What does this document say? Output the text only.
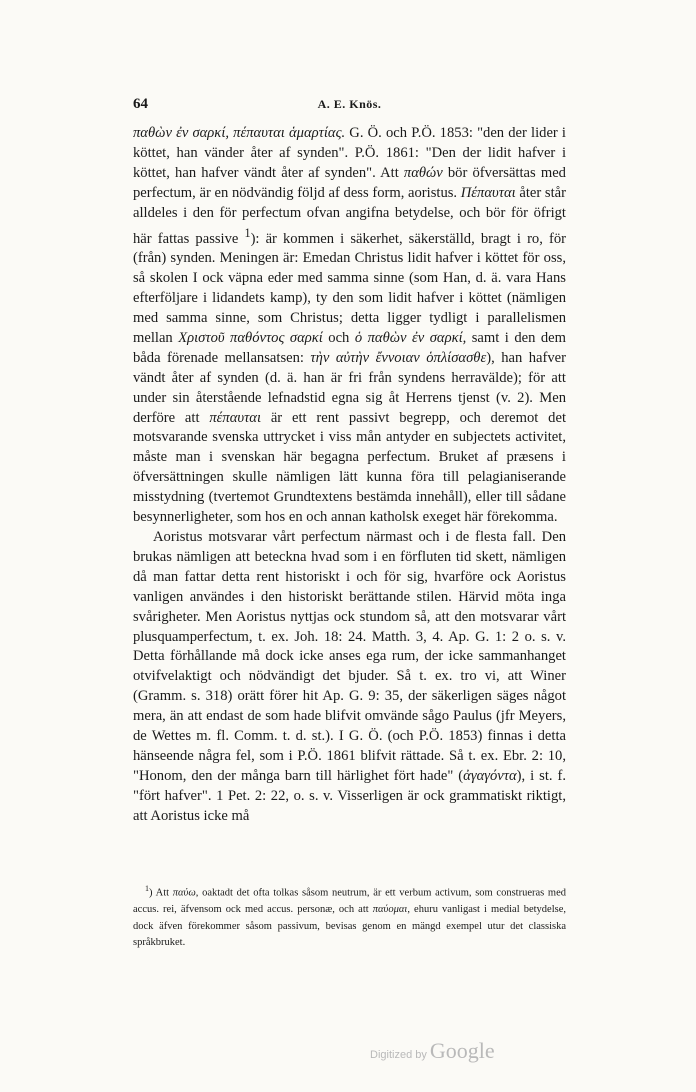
64	A. E. Knös.

παθὼν ἐν σαρκί, πέπαυται ἁμαρτίας. G. Ö. och P.Ö. 1853: "den der lider i köttet, han vänder åter af synden". P.Ö. 1861: "Den der lidit hafver i köttet, han hafver vändt åter af synden". Att παθών bör öfversättas med perfectum, är en nödvändig följd af dess form, aoristus. Πέπαυται åter står alldeles i den för perfectum ofvan angifna betydelse, och bör för öfrigt här fattas passive $^1$): är kommen i säkerhet, säkerställd, bragt i ro, för (från) synden. Meningen är: Emedan Christus lidit hafver i köttet för oss, så skolen I ock väpna eder med samma sinne (som Han, d. ä. vara Hans efterföljare i lidandets kamp), ty den som lidit hafver i köttet (nämligen med samma sinne, som Christus; detta ligger tydligt i parallelismen mellan Χριστοῦ παθόντος σαρκί och ὁ παθὼν ἐν σαρκί, samt i den dem båda förenade mellansatsen: τὴν αὐτὴν ἔννοιαν ὁπλίσασθε), han hafver vändt åter af synden (d. ä. han är fri från syndens herravälde); för att under sin återstående lefnadstid egna sig åt Herrens tjenst (v. 2). Men derföre att πέπαυται är ett rent passivt begrepp, och deremot det motsvarande svenska uttrycket i viss mån antyder en subjectets activitet, måste man i svenskan här begagna perfectum. Bruket af præsens i öfversättningen skulle nämligen lätt kunna föra till pelagianiserande misstydning (tvertemot Grundtextens bestämda innehåll), eller till sådane besynnerligheter, som hos en och annan katholsk exeget här förekomma.

Aoristus motsvarar vårt perfectum närmast och i de flesta fall. Den brukas nämligen att beteckna hvad som i en förfluten tid skett, nämligen då man fattar detta rent historiskt i och för sig, hvarföre ock Aoristus vanligen användes i den historiskt berättande stilen. Härvid möta inga svårigheter. Men Aoristus nyttjas ock stundom så, att den motsvarar vårt plusquamperfectum, t. ex. Joh. 18: 24. Matth. 3, 4. Ap. G. 1: 2 o. s. v. Detta förhållande må dock icke anses ega rum, der icke sammanhanget otvifvelaktigt och nödvändigt det bjuder. Så t. ex. tro vi, att Winer (Gramm. s. 318) orätt förer hit Ap. G. 9: 35, der säkerligen säges något mera, än att endast de som hade blifvit omvände sågo Paulus (jfr Meyers, de Wettes m. fl. Comm. t. d. st.). I G. Ö. (och P.Ö. 1853) finnas i detta hänseende några fel, som i P.Ö. 1861 blifvit rättade. Så t. ex. Ebr. 2: 10, "Honom, den der många barn till härlighet fört hade" (ἀγαγόντα), i st. f. "fört hafver". 1 Pet. 2: 22, o. s. v. Visserligen är ock grammatiskt riktigt, att Aoristus icke må

$^1$) Att παύω, oaktadt det ofta tolkas såsom neutrum, är ett verbum activum, som construeras med accus. rei, äfvensom ock med accus. personæ, och att παύομαι, ehuru vanligast i medial betydelse, dock äfven förekommer såsom passivum, bevisas genom en mängd exempel utur det classiska språkbruket.

Digitized by Google
